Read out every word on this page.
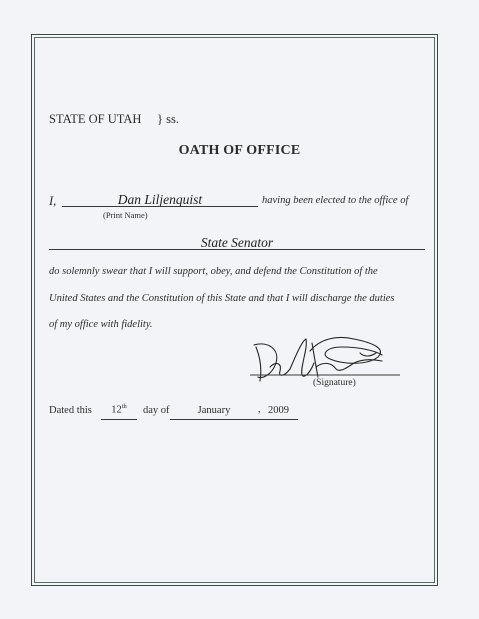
STATE OF UTAH } ss.
OATH OF OFFICE
I,	Dan Liljenquist
(Print Name)
having been elected to the office of
State Senator
do solemnly swear that I will support, obey, and defend the Constitution of the
United States and the Constitution of this State and that I will discharge the duties
of my office with fidelity.
(Signature)
Dated this	12th	day of	January	, 2009
